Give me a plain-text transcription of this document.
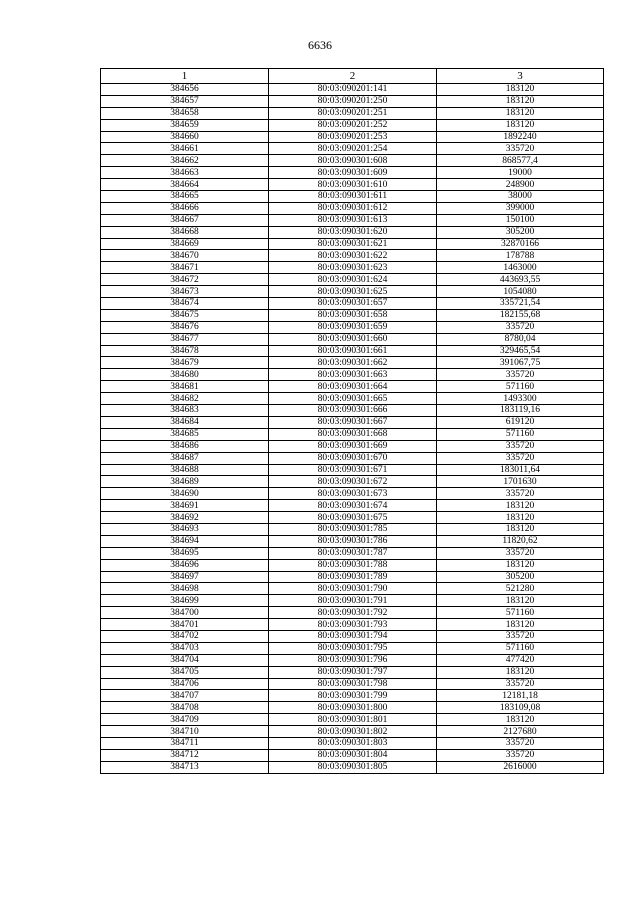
6636
1	2	3
384656	80:03:090201:141	183120
384657	80:03:090201:250	183120
384658	80:03:090201:251	183120
384659	80:03:090201:252	183120
384660	80:03:090201:253	1892240
384661	80:03:090201:254	335720
384662	80:03:090301:608	868577,4
384663	80:03:090301:609	19000
384664	80:03:090301:610	248900
384665	80:03:090301:611	38000
384666	80:03:090301:612	399000
384667	80:03:090301:613	150100
384668	80:03:090301:620	305200
384669	80:03:090301:621	32870166
384670	80:03:090301:622	178788
384671	80:03:090301:623	1463000
384672	80:03:090301:624	443693,55
384673	80:03:090301:625	1054080
384674	80:03:090301:657	335721,54
384675	80:03:090301:658	182155,68
384676	80:03:090301:659	335720
384677	80:03:090301:660	8780,04
384678	80:03:090301:661	329465,54
384679	80:03:090301:662	391067,75
384680	80:03:090301:663	335720
384681	80:03:090301:664	571160
384682	80:03:090301:665	1493300
384683	80:03:090301:666	183119,16
384684	80:03:090301:667	619120
384685	80:03:090301:668	571160
384686	80:03:090301:669	335720
384687	80:03:090301:670	335720
384688	80:03:090301:671	183011,64
384689	80:03:090301:672	1701630
384690	80:03:090301:673	335720
384691	80:03:090301:674	183120
384692	80:03:090301:675	183120
384693	80:03:090301:785	183120
384694	80:03:090301:786	11820,62
384695	80:03:090301:787	335720
384696	80:03:090301:788	183120
384697	80:03:090301:789	305200
384698	80:03:090301:790	521280
384699	80:03:090301:791	183120
384700	80:03:090301:792	571160
384701	80:03:090301:793	183120
384702	80:03:090301:794	335720
384703	80:03:090301:795	571160
384704	80:03:090301:796	477420
384705	80:03:090301:797	183120
384706	80:03:090301:798	335720
384707	80:03:090301:799	12181,18
384708	80:03:090301:800	183109,08
384709	80:03:090301:801	183120
384710	80:03:090301:802	2127680
384711	80:03:090301:803	335720
384712	80:03:090301:804	335720
384713	80:03:090301:805	2616000
